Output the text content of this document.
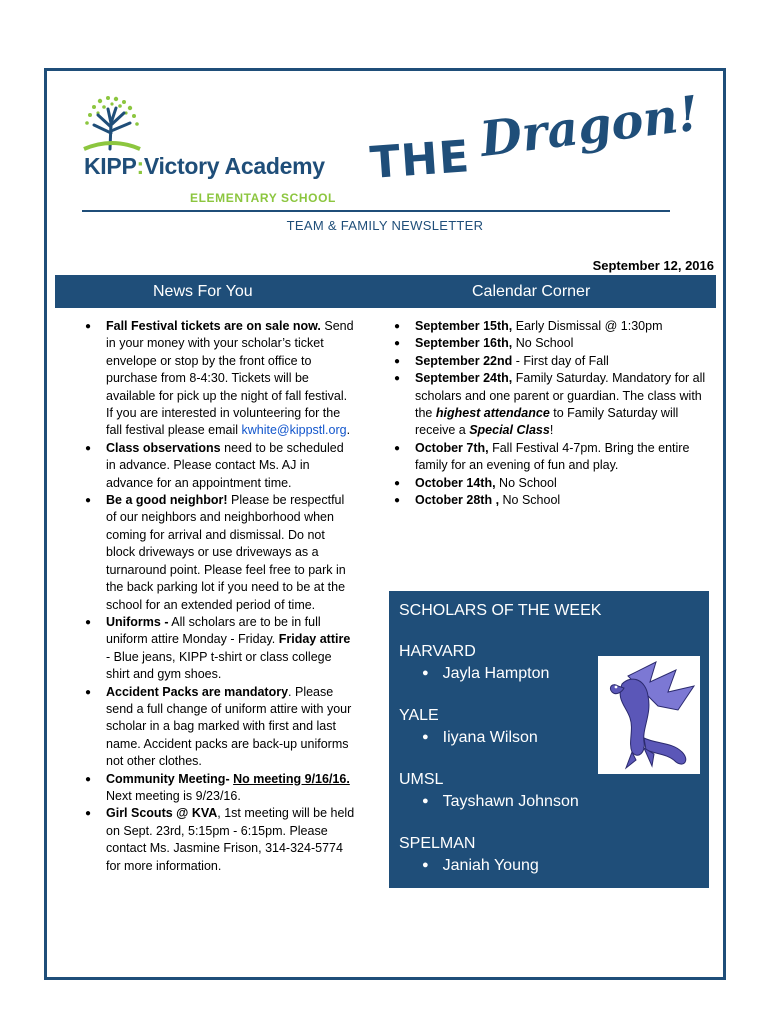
KIPP:Victory Academy
ELEMENTARY SCHOOL
THE Dragon!
TEAM & FAMILY NEWSLETTER
September 12, 2016
News For You	Calendar Corner
● Fall Festival tickets are on sale now. Send in your money with your scholar’s ticket envelope or stop by the front office to purchase from 8-4:30. Tickets will be available for pick up the night of fall festival. If you are interested in volunteering for the fall festival please email kwhite@kippstl.org.
● Class observations need to be scheduled in advance. Please contact Ms. AJ in advance for an appointment time.
● Be a good neighbor! Please be respectful of our neighbors and neighborhood when coming for arrival and dismissal. Do not block driveways or use driveways as a turnaround point. Please feel free to park in the back parking lot if you need to be at the school for an extended period of time.
● Uniforms - All scholars are to be in full uniform attire Monday - Friday. Friday attire - Blue jeans, KIPP t-shirt or class college shirt and gym shoes.
● Accident Packs are mandatory. Please send a full change of uniform attire with your scholar in a bag marked with first and last name. Accident packs are back-up uniforms not other clothes.
● Community Meeting- No meeting 9/16/16. Next meeting is 9/23/16.
● Girl Scouts @ KVA, 1st meeting will be held on Sept. 23rd, 5:15pm - 6:15pm. Please contact Ms. Jasmine Frison, 314-324-5774 for more information.
● September 15th, Early Dismissal @ 1:30pm
● September 16th, No School
● September 22nd - First day of Fall
● September 24th, Family Saturday. Mandatory for all scholars and one parent or guardian. The class with the highest attendance to Family Saturday will receive a Special Class!
● October 7th, Fall Festival 4-7pm. Bring the entire family for an evening of fun and play.
● October 14th, No School
● October 28th , No School
SCHOLARS OF THE WEEK
HARVARD
● Jayla Hampton
YALE
● Iiyana Wilson
UMSL
● Tayshawn Johnson
SPELMAN
● Janiah Young
